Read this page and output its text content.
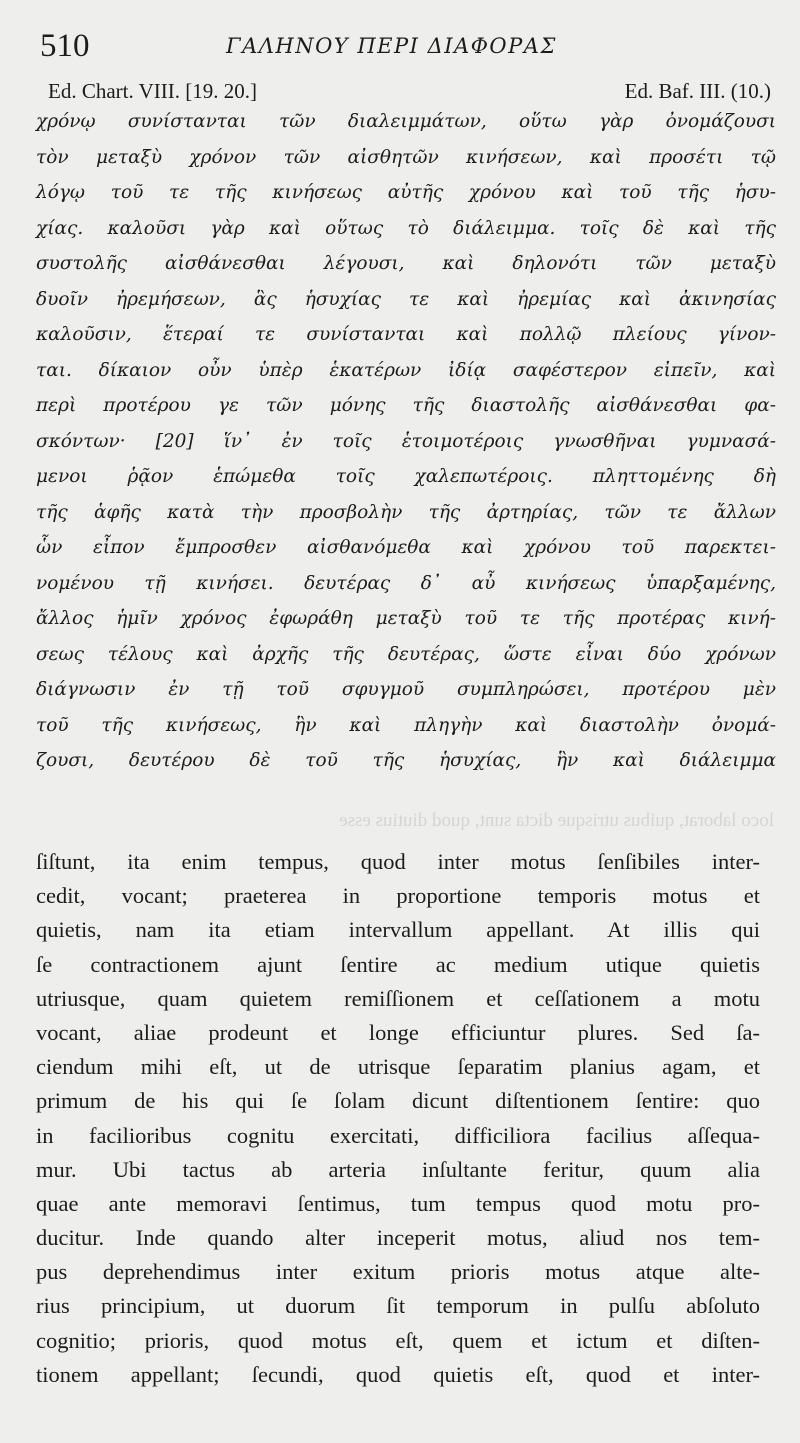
510	ΓΑΛΗΝΟΥ ΠΕΡΙ ΔΙΑΦΟΡΑΣ
Ed. Chart. VIII. [19. 20.]	Ed. Baf. III. (10.)
χρόνῳ συνίστανται τῶν διαλειμμάτων, οὕτω γὰρ ὀνομάζουσι
τὸν μεταξὺ χρόνον τῶν αἰσθητῶν κινήσεων, καὶ προσέτι τῷ
λόγῳ τοῦ τε τῆς κινήσεως αὐτῆς χρόνου καὶ τοῦ τῆς ἡσυ-
χίας. καλοῦσι γὰρ καὶ οὕτως τὸ διάλειμμα. τοῖς δὲ καὶ τῆς
συστολῆς αἰσθάνεσθαι λέγουσι, καὶ δηλονότι τῶν μεταξὺ
δυοῖν ἠρεμήσεων, ἃς ἡσυχίας τε καὶ ἠρεμίας καὶ ἀκινησίας
καλοῦσιν, ἕτεραί τε συνίστανται καὶ πολλῷ πλείους γίνον-
ται. δίκαιον οὖν ὑπὲρ ἑκατέρων ἰδίᾳ σαφέστερον εἰπεῖν, καὶ
περὶ προτέρου γε τῶν μόνης τῆς διαστολῆς αἰσθάνεσθαι φα-
σκόντων· [20] ἵν᾽ ἐν τοῖς ἑτοιμοτέροις γνωσθῆναι γυμνασά-
μενοι ῥᾷον ἑπώμεθα τοῖς χαλεπωτέροις. πληττομένης δὴ
τῆς ἁφῆς κατὰ τὴν προσβολὴν τῆς ἀρτηρίας, τῶν τε ἄλλων
ὧν εἶπον ἔμπροσθεν αἰσθανόμεθα καὶ χρόνου τοῦ παρεκτει-
νομένου τῇ κινήσει. δευτέρας δ᾽ αὖ κινήσεως ὑπαρξαμένης,
ἄλλος ἡμῖν χρόνος ἐφωράθη μεταξὺ τοῦ τε τῆς προτέρας κινή-
σεως τέλους καὶ ἀρχῆς τῆς δευτέρας, ὥστε εἶναι δύο χρόνων
διάγνωσιν ἐν τῇ τοῦ σφυγμοῦ συμπληρώσει, προτέρου μὲν
τοῦ τῆς κινήσεως, ἣν καὶ πληγὴν καὶ διαστολὴν ὀνομά-
ζουσι, δευτέρου δὲ τοῦ τῆς ἡσυχίας, ἣν καὶ διάλειμμα
loco laborat, quibus utrisque dicta sunt, quod diutius esse
ſiſtunt, ita enim tempus, quod inter motus ſenſibiles inter-
cedit, vocant; praeterea in proportione temporis motus et
quietis, nam ita etiam intervallum appellant. At illis qui
ſe contractionem ajunt ſentire ac medium utique quietis
utriusque, quam quietem remiſſionem et ceſſationem a motu
vocant, aliae prodeunt et longe efficiuntur plures. Sed ſa-
ciendum mihi eſt, ut de utrisque ſeparatim planius agam, et
primum de his qui ſe ſolam dicunt diſtentionem ſentire: quo
in facilioribus cognitu exercitati, difficiliora facilius aſſequa-
mur. Ubi tactus ab arteria inſultante feritur, quum alia
quae ante memoravi ſentimus, tum tempus quod motu pro-
ducitur. Inde quando alter inceperit motus, aliud nos tem-
pus deprehendimus inter exitum prioris motus atque alte-
rius principium, ut duorum ſit temporum in pulſu abſoluto
cognitio; prioris, quod motus eſt, quem et ictum et diſten-
tionem appellant; ſecundi, quod quietis eſt, quod et inter-
